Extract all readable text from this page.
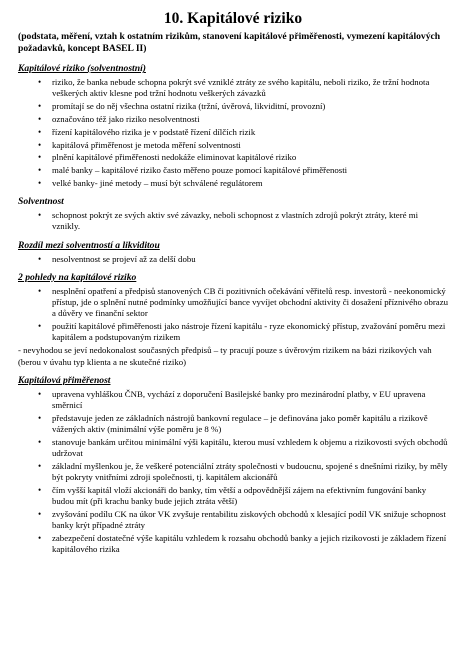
10. Kapitálové riziko
(podstata, měření, vztah k ostatním rizikům, stanovení kapitálové přiměřenosti, vymezení kapitálových požadavků, koncept BASEL II)
Kapitálové riziko (solventnostní)
• riziko, že banka nebude schopna pokrýt své vzniklé ztráty ze svého kapitálu, neboli riziko, že tržní hodnota veškerých aktiv klesne pod tržní hodnotu veškerých závazků
• promítají se do něj všechna ostatní rizika (tržní, úvěrová, likviditní, provozní)
• označováno též jako riziko nesolventnosti
• řízení kapitálového rizika je v podstatě řízení dílčích rizik
• kapitálová přiměřenost je metoda měření solventnosti
• plnění kapitálové přiměřenosti nedokáže eliminovat kapitálové riziko
• malé banky – kapitálové riziko často měřeno pouze pomocí kapitálové přiměřenosti
• velké banky- jiné metody – musí být schválené regulátorem
Solventnost
• schopnost pokrýt ze svých aktiv své závazky, neboli schopnost z vlastních zdrojů pokrýt ztráty, které mi vznikly.
Rozdíl mezi solventností a likviditou
• nesolventnost se projeví až za delší dobu
2 pohledy na kapitálové riziko
• nesplnění opatření a předpisů stanovených CB či pozitivních očekávání věřitelů resp. investorů - neekonomický přístup, jde o splnění nutné podmínky umožňující bance vyvíjet obchodní aktivity či dosažení příznivého obrazu a důvěry ve finanční sektor
• použití kapitálové přiměřenosti jako nástroje řízení kapitálu - ryze ekonomický přístup, zvažování poměru mezi kapitálem a podstupovaným rizikem
- nevyhodou se jeví nedokonalost současných předpisů – ty pracují pouze s úvěrovým rizikem na bázi rizikových vah (berou v úvahu typ klienta a ne skutečné riziko)
Kapitálová přiměřenost
• upravena vyhláškou ČNB, vychází z doporučení Basilejské banky pro mezinárodní platby, v EU upravena směrnicí
• představuje jeden ze základních nástrojů bankovní regulace – je definována jako poměr kapitálu a rizikově vážených aktiv (minimální výše poměru je 8 %)
• stanovuje bankám určitou minimální výši kapitálu, kterou musí vzhledem k objemu a rizikovosti svých obchodů udržovat
• základní myšlenkou je, že veškeré potenciální ztráty společnosti v budoucnu, spojené s dnešními riziky, by měly být pokryty vnitřními zdroji společnosti, tj. kapitálem akcionářů
• čím vyšší kapitál vloží akcionáři do banky, tím větší a odpovědnější zájem na efektivním fungování banky budou mít (při krachu banky bude jejich ztráta větší)
• zvyšování podílu CK na úkor VK zvyšuje rentabilitu ziskových obchodů x klesající podíl VK snižuje schopnost banky krýt případné ztráty
• zabezpečení dostatečné výše kapitálu vzhledem k rozsahu obchodů banky a jejich rizikovosti je základem řízení kapitálového rizika
